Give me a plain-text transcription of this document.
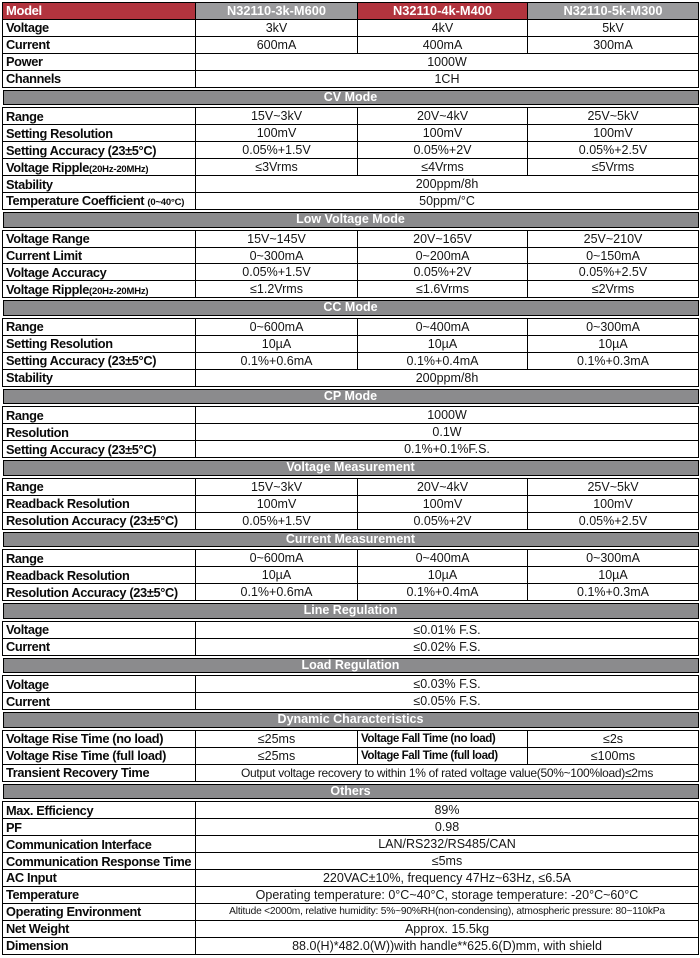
Model	N32110-3k-M600	N32110-4k-M400	N32110-5k-M300
Voltage	3kV	4kV	5kV
Current	600mA	400mA	300mA
Power	1000W		
Channels	1CH		

CV Mode			

Range	15V~3kV	20V~4kV	25V~5kV
Setting Resolution	100mV	100mV	100mV
Setting Accuracy (23±5°C)	0.05%+1.5V	0.05%+2V	0.05%+2.5V
Voltage Ripple(20Hz-20MHz)	≤3Vrms	≤4Vrms	≤5Vrms
Stability	200ppm/8h		
Temperature Coefficient (0~40°C)	50ppm/°C		

Low Voltage Mode			

Voltage Range	15V~145V	20V~165V	25V~210V
Current Limit	0~300mA	0~200mA	0~150mA
Voltage Accuracy	0.05%+1.5V	0.05%+2V	0.05%+2.5V
Voltage Ripple(20Hz-20MHz)	≤1.2Vrms	≤1.6Vrms	≤2Vrms

CC Mode			

Range	0~600mA	0~400mA	0~300mA
Setting Resolution	10µA	10µA	10µA
Setting Accuracy (23±5°C)	0.1%+0.6mA	0.1%+0.4mA	0.1%+0.3mA
Stability	200ppm/8h		

CP Mode			

Range	1000W		
Resolution	0.1W		
Setting Accuracy (23±5°C)	0.1%+0.1%F.S.		

Voltage Measurement			

Range	15V~3kV	20V~4kV	25V~5kV
Readback Resolution	100mV	100mV	100mV
Resolution Accuracy (23±5°C)	0.05%+1.5V	0.05%+2V	0.05%+2.5V

Current Measurement			

Range	0~600mA	0~400mA	0~300mA
Readback Resolution	10µA	10µA	10µA
Resolution Accuracy (23±5°C)	0.1%+0.6mA	0.1%+0.4mA	0.1%+0.3mA

Line Regulation			

Voltage	≤0.01% F.S.		
Current	≤0.02% F.S.		

Load Regulation			

Voltage	≤0.03% F.S.		
Current	≤0.05% F.S.		

Dynamic Characteristics			

Voltage Rise Time (no load)	≤25ms	Voltage Fall Time (no load)	≤2s
Voltage Rise Time (full load)	≤25ms	Voltage Fall Time (full load)	≤100ms
Transient Recovery Time	Output voltage recovery to within 1% of rated voltage value(50%~100%load)≤2ms		

Others			

Max. Efficiency	89%		
PF	0.98		
Communication Interface	LAN/RS232/RS485/CAN		
Communication Response Time	≤5ms		
AC Input	220VAC±10%, frequency 47Hz~63Hz, ≤6.5A		
Temperature	Operating temperature: 0°C~40°C, storage temperature: -20°C~60°C		
Operating Environment	Altitude <2000m, relative humidity: 5%~90%RH(non-condensing), atmospheric pressure: 80~110kPa		
Net Weight	Approx. 15.5kg		
Dimension	88.0(H)*482.0(W))with handle**625.6(D)mm, with shield		
